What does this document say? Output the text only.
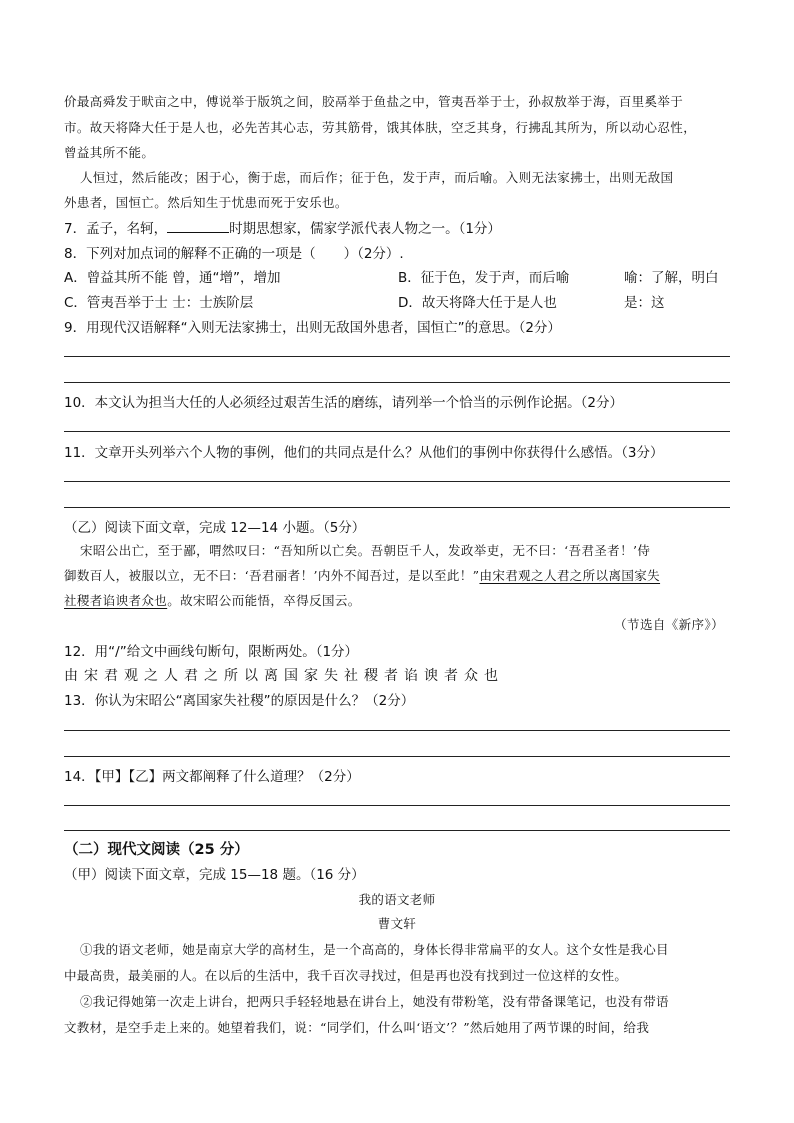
价最高舜发于畎亩之中，傅说举于版筑之间，胶鬲举于鱼盐之中，管夷吾举于士，孙叔敖举于海，百里奚举于
市。故天将降大任于是人也，必先苦其心志，劳其筋骨，饿其体肤，空乏其身，行拂乱其所为，所以动心忍性，
曾益其所不能。
人恒过，然后能改；困于心，衡于虑，而后作；征于色，发于声，而后喻。入则无法家拂士，出则无敌国
外患者，国恒亡。然后知生于忧患而死于安乐也。
7．孟子，名轲，	时期思想家，儒家学派代表人物之一。（1分）
8．下列对加点词的解释不正确的一项是（ ）（2分）.
A．曾益其所不能 曾，通“增”，增加	B．征于色，发于声，而后喻	喻：了解，明白
C．管夷吾举于士 士：士族阶层	D．故天将降大任于是人也	是：这
9．用现代汉语解释“入则无法家拂士，出则无敌国外患者，国恒亡”的意思。（2分）
10．本文认为担当大任的人必须经过艰苦生活的磨练，请列举一个恰当的示例作论据。（2分）
11．文章开头列举六个人物的事例，他们的共同点是什么？从他们的事例中你获得什么感悟。（3分）
（乙）阅读下面文章，完成 12—14 小题。（5分）
宋昭公出亡，至于鄙，喟然叹曰：“吾知所以亡矣。吾朝臣千人，发政举吏，无不曰：‘吾君圣者！’侍
御数百人，被服以立，无不曰：‘吾君丽者！’内外不闻吾过，是以至此！”由宋君观之人君之所以离国家失
社稷者谄谀者众也。故宋昭公而能悟，卒得反国云。
（节选自《新序》）
12．用“/”给文中画线句断句，限断两处。（1分）
由宋君观之人君之所以离国家失社稷者谄谀者众也
13．你认为宋昭公“离国家失社稷”的原因是什么？（2分）
14．【甲】【乙】两文都阐释了什么道理？（2分）
（二）现代文阅读（25 分）
（甲）阅读下面文章，完成 15—18 题。（16 分）
我的语文老师
曹文轩
①我的语文老师，她是南京大学的高材生，是一个高高的，身体长得非常扁平的女人。这个女性是我心目
中最高贵，最美丽的人。在以后的生活中，我千百次寻找过，但是再也没有找到过一位这样的女性。
②我记得她第一次走上讲台，把两只手轻轻地悬在讲台上，她没有带粉笔，没有带备课笔记，也没有带语
文教材，是空手走上来的。她望着我们，说：“同学们，什么叫‘语文’？”然后她用了两节课的时间，给我
